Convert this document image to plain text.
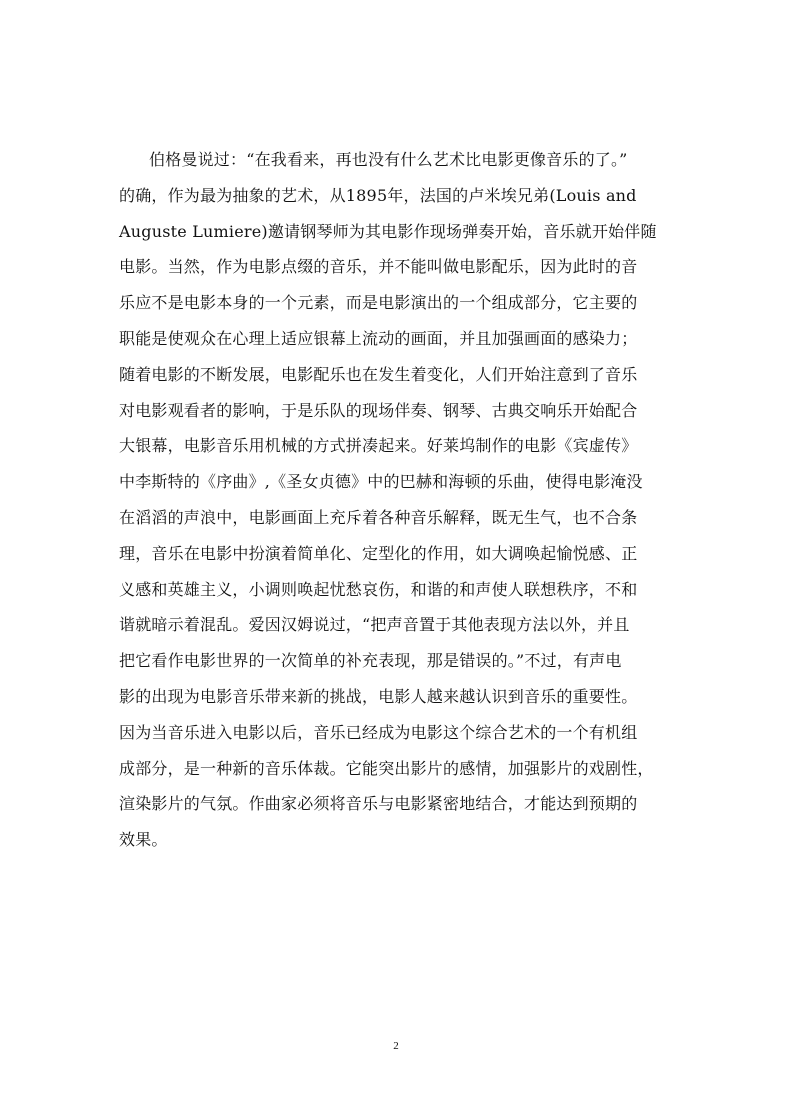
伯格曼说过：“在我看来，再也没有什么艺术比电影更像音乐的了。”
的确，作为最为抽象的艺术，从1895年，法国的卢米埃兄弟(Louis and
Auguste Lumiere)邀请钢琴师为其电影作现场弹奏开始，音乐就开始伴随
电影。当然，作为电影点缀的音乐，并不能叫做电影配乐，因为此时的音
乐应不是电影本身的一个元素，而是电影演出的一个组成部分，它主要的
职能是使观众在心理上适应银幕上流动的画面，并且加强画面的感染力；
随着电影的不断发展，电影配乐也在发生着变化，人们开始注意到了音乐
对电影观看者的影响，于是乐队的现场伴奏、钢琴、古典交响乐开始配合
大银幕，电影音乐用机械的方式拼凑起来。好莱坞制作的电影《宾虚传》
中李斯特的《序曲》,《圣女贞德》中的巴赫和海顿的乐曲，使得电影淹没
在滔滔的声浪中，电影画面上充斥着各种音乐解释，既无生气，也不合条
理，音乐在电影中扮演着简单化、定型化的作用，如大调唤起愉悦感、正
义感和英雄主义，小调则唤起忧愁哀伤，和谐的和声使人联想秩序，不和
谐就暗示着混乱。爱因汉姆说过，“把声音置于其他表现方法以外，并且
把它看作电影世界的一次简单的补充表现，那是错误的。”不过，有声电
影的出现为电影音乐带来新的挑战，电影人越来越认识到音乐的重要性。
因为当音乐进入电影以后，音乐已经成为电影这个综合艺术的一个有机组
成部分，是一种新的音乐体裁。它能突出影片的感情，加强影片的戏剧性，
渲染影片的气氛。作曲家必须将音乐与电影紧密地结合，才能达到预期的
效果。
2
